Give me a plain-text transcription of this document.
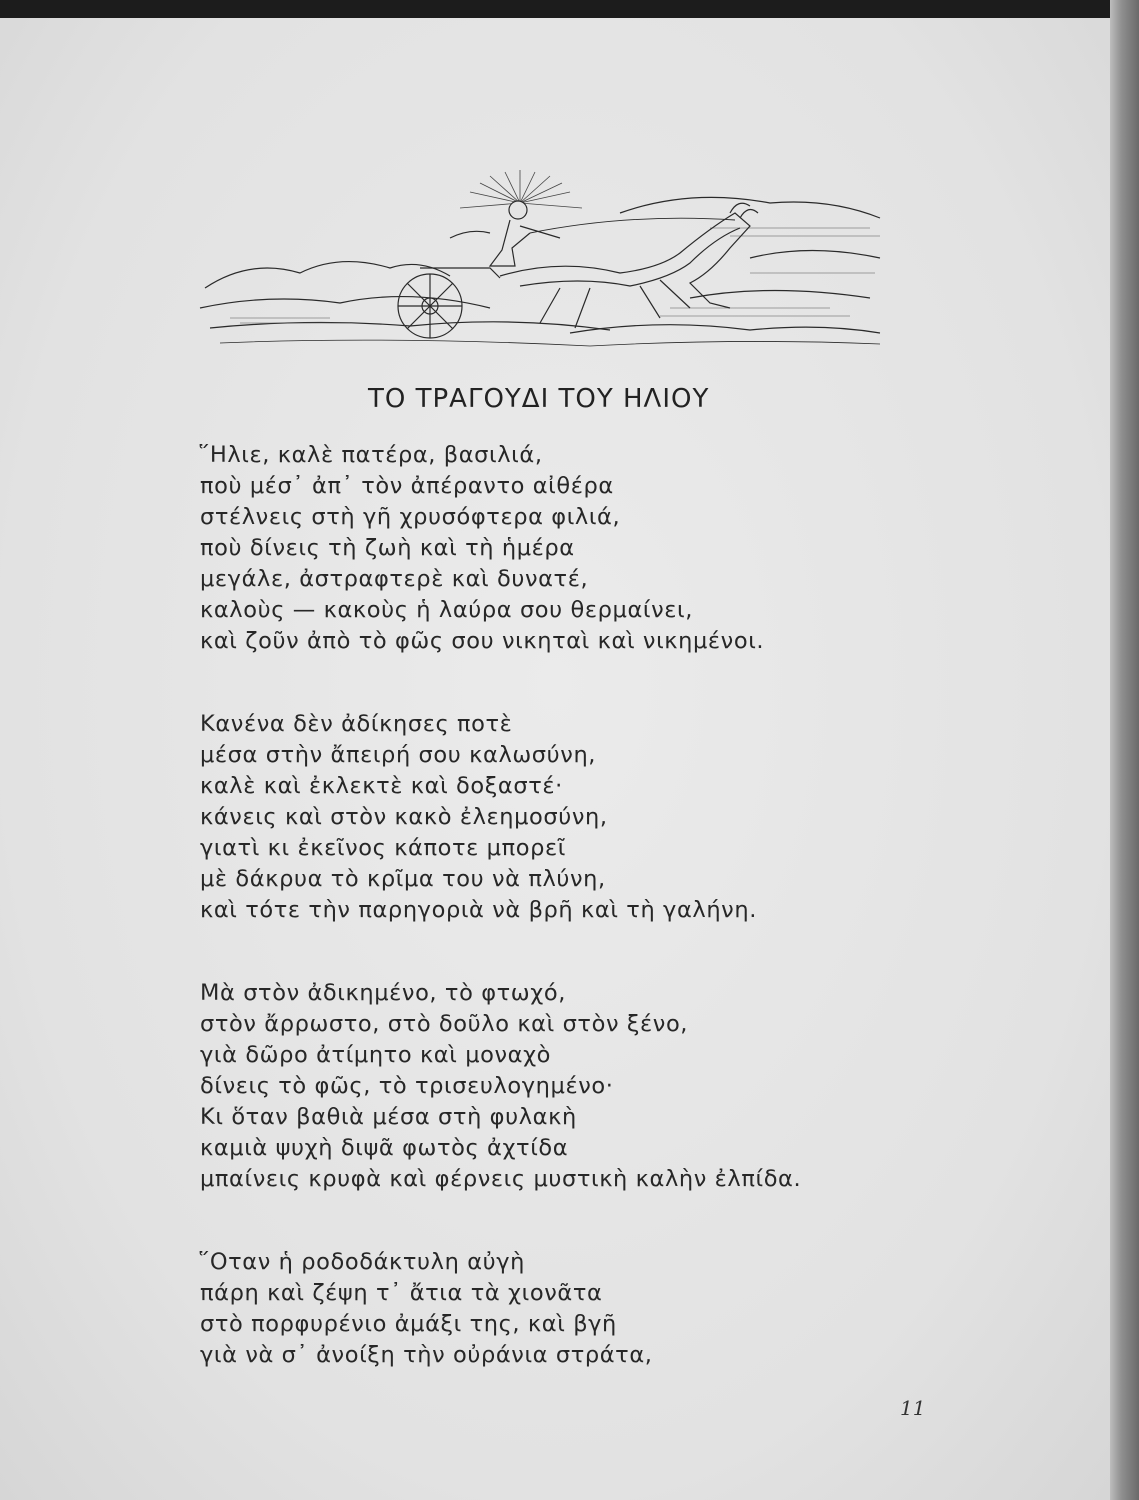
ΤΟ ΤΡΑΓΟΥΔΙ ΤΟΥ ΗΛΙΟΥ
῞Ηλιε, καλὲ πατέρα, βασιλιά,
ποὺ μέσ᾿ ἀπ᾿ τὸν ἀπέραντο αἰθέρα
στέλνεις στὴ γῆ χρυσόφτερα φιλιά,
ποὺ δίνεις τὴ ζωὴ καὶ τὴ ἡμέρα
μεγάλε, ἀστραφτερὲ καὶ δυνατέ,
καλοὺς — κακοὺς ἡ λαύρα σου θερμαίνει,
καὶ ζοῦν ἀπὸ τὸ φῶς σου νικηταὶ καὶ νικημένοι.
Κανένα δὲν ἀδίκησες ποτὲ
μέσα στὴν ἄπειρή σου καλωσύνη,
καλὲ καὶ ἐκλεκτὲ καὶ δοξαστέ·
κάνεις καὶ στὸν κακὸ ἐλεημοσύνη,
γιατὶ κι ἐκεῖνος κάποτε μπορεῖ
μὲ δάκρυα τὸ κρῖμα του νὰ πλύνη,
καὶ τότε τὴν παρηγοριὰ νὰ βρῆ καὶ τὴ γαλήνη.
Μὰ στὸν ἀδικημένο, τὸ φτωχό,
στὸν ἄρρωστο, στὸ δοῦλο καὶ στὸν ξένο,
γιὰ δῶρο ἀτίμητο καὶ μοναχὸ
δίνεις τὸ φῶς, τὸ τρισευλογημένο·
Κι ὅταν βαθιὰ μέσα στὴ φυλακὴ
καμιὰ ψυχὴ διψᾶ φωτὸς ἀχτίδα
μπαίνεις κρυφὰ καὶ φέρνεις μυστικὴ καλὴν ἐλπίδα.
῞Οταν ἡ ροδοδάκτυλη αὐγὴ
πάρη καὶ ζέψη τ᾿ ἄτια τὰ χιονᾶτα
στὸ πορφυρένιο ἀμάξι της, καὶ βγῆ
γιὰ νὰ σ᾿ ἀνοίξη τὴν οὐράνια στράτα,
11
